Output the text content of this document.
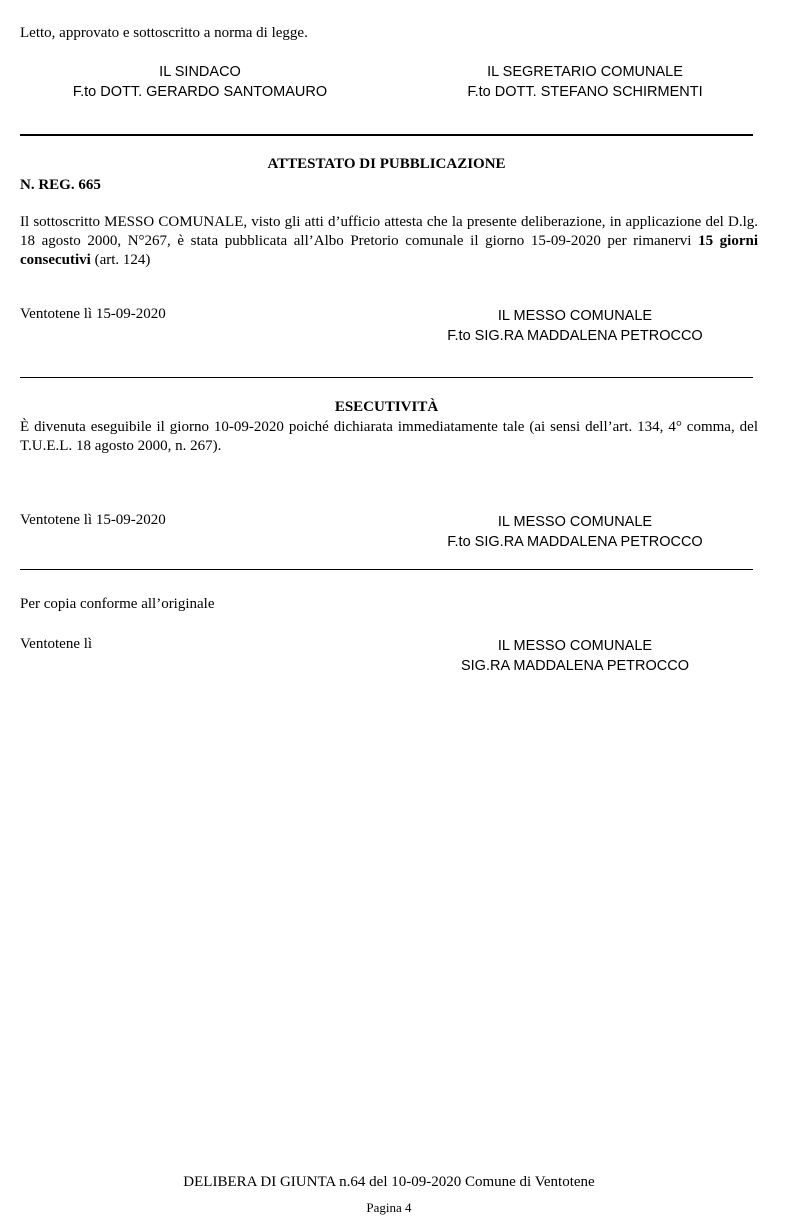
Letto, approvato e sottoscritto a norma di legge.
IL SINDACO
F.to DOTT. GERARDO SANTOMAURO
IL SEGRETARIO COMUNALE
F.to DOTT. STEFANO SCHIRMENTI
ATTESTATO DI PUBBLICAZIONE
N. REG. 665
Il sottoscritto MESSO COMUNALE, visto gli atti d’ufficio attesta che la presente deliberazione, in applicazione del D.lg. 18 agosto 2000, N°267, è stata pubblicata all’Albo Pretorio comunale il giorno 15-09-2020 per rimanervi 15 giorni consecutivi (art. 124)
Ventotene lì 15-09-2020	IL MESSO COMUNALE
F.to SIG.RA MADDALENA PETROCCO
ESECUTIVITÀ
È divenuta eseguibile il giorno 10-09-2020 poiché dichiarata immediatamente tale (ai sensi dell’art. 134, 4° comma, del T.U.E.L. 18 agosto 2000, n. 267).
Ventotene lì 15-09-2020	IL MESSO COMUNALE
F.to SIG.RA MADDALENA PETROCCO
Per copia conforme all’originale
Ventotene lì	IL MESSO COMUNALE
SIG.RA MADDALENA PETROCCO
DELIBERA DI GIUNTA n.64 del 10-09-2020 Comune di Ventotene
Pagina 4
